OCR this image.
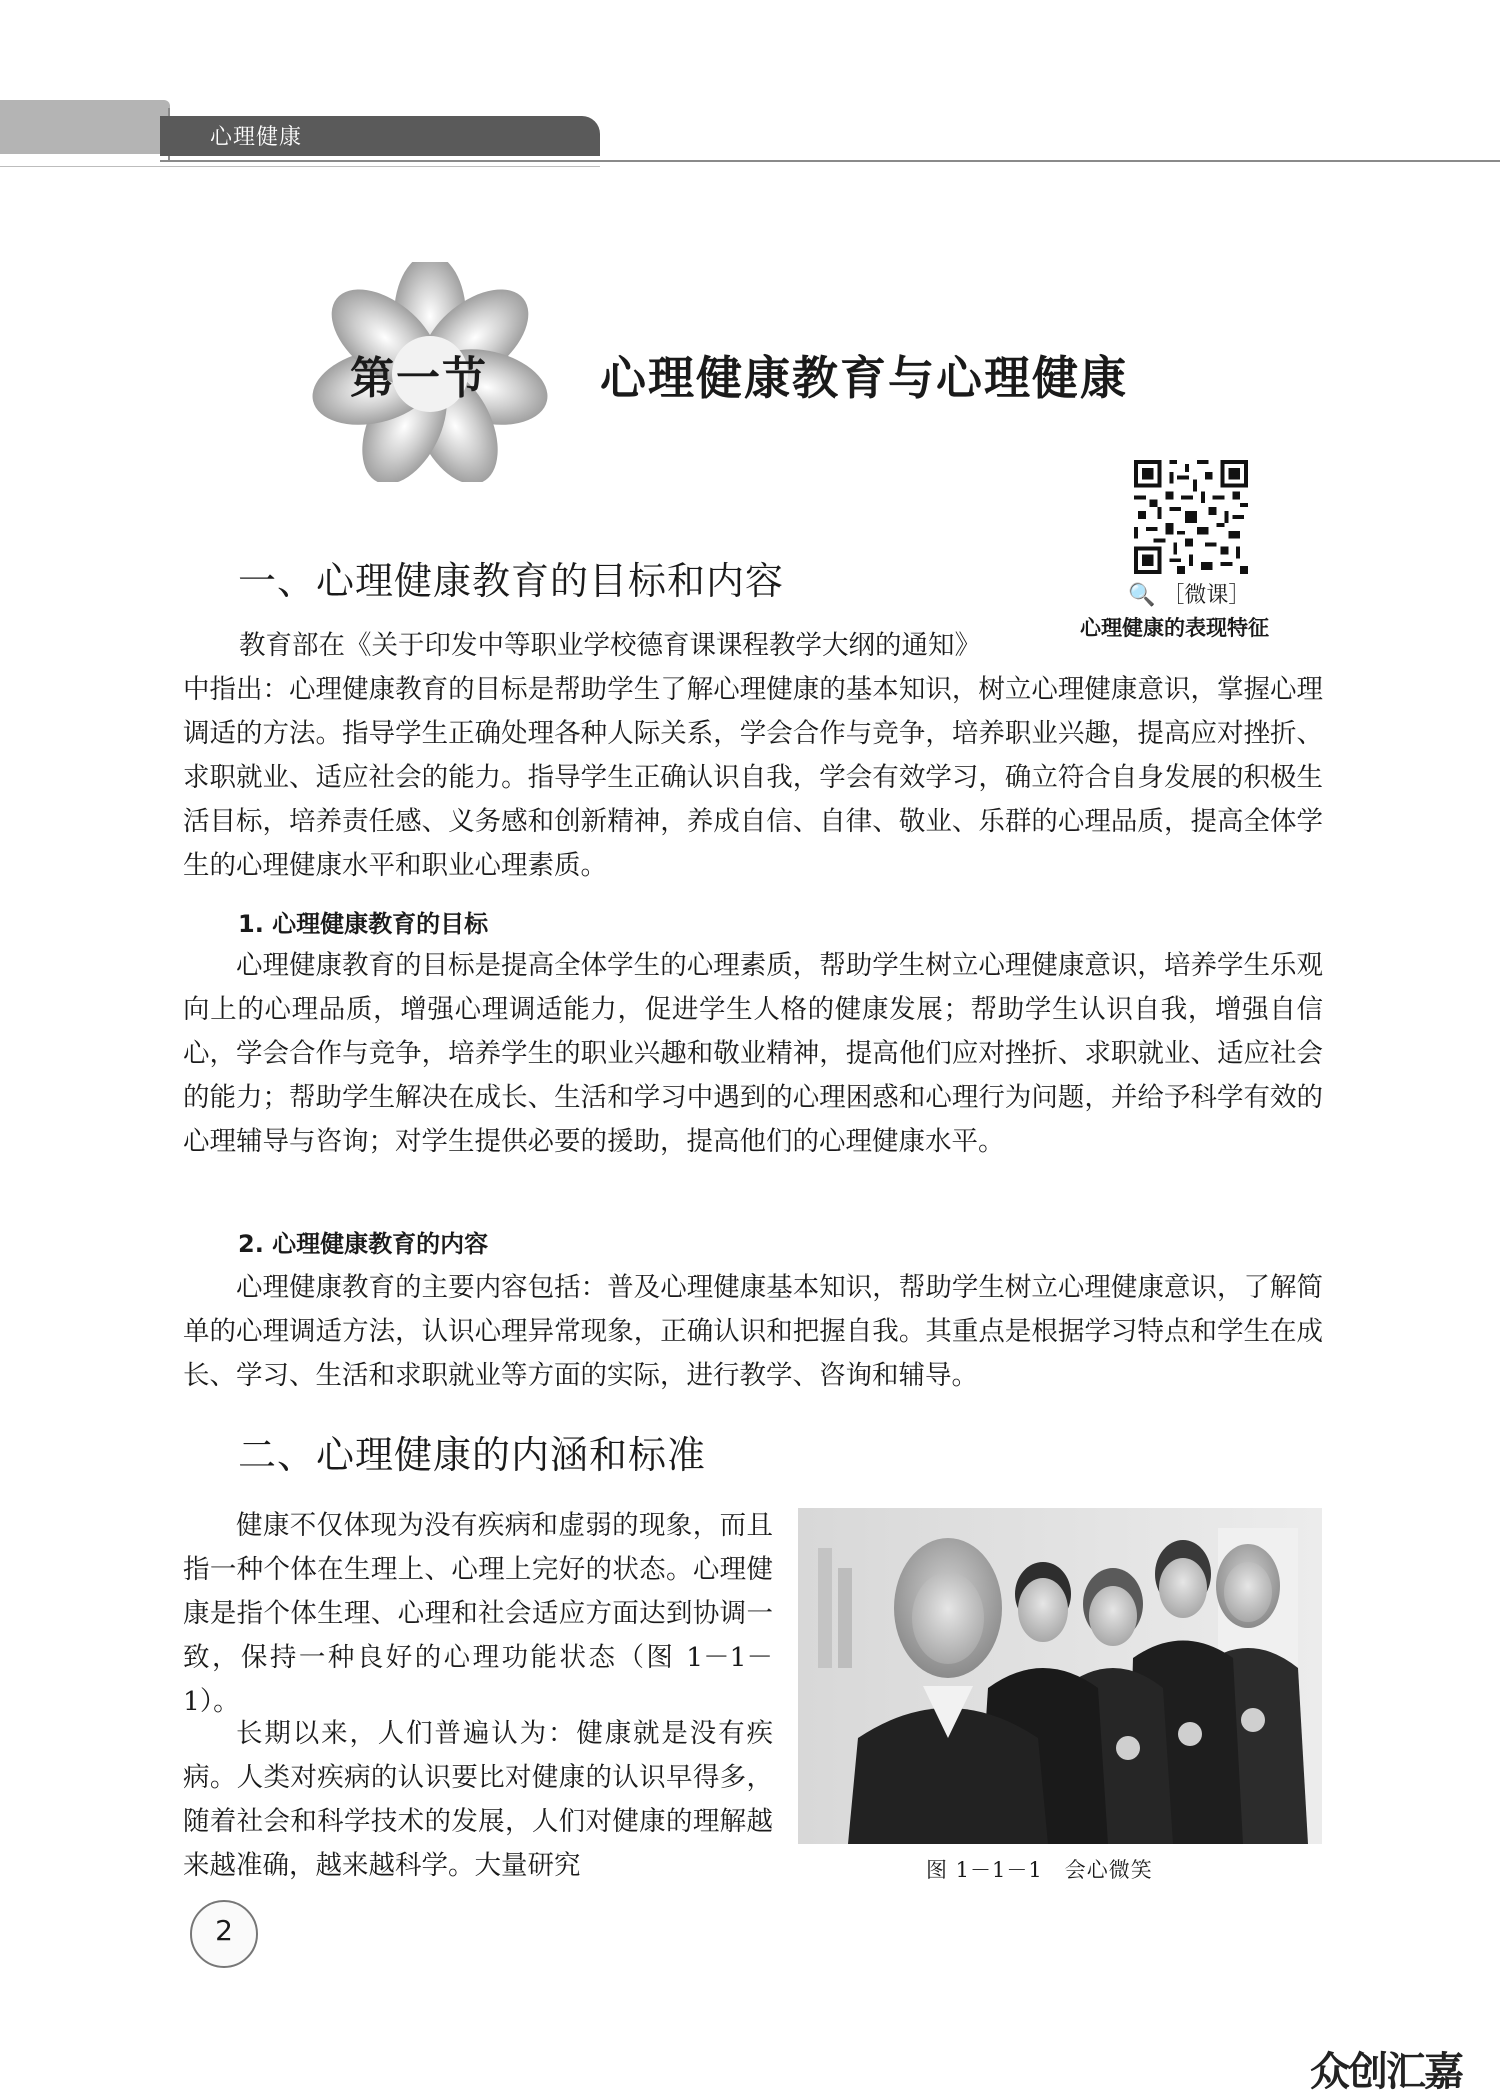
心理健康
第一节 心理健康教育与心理健康
🔍 ［微课］
心理健康的表现特征
一、心理健康教育的目标和内容
教育部在《关于印发中等职业学校德育课课程教学大纲的通知》
中指出：心理健康教育的目标是帮助学生了解心理健康的基本知识，树立心理健康意识，掌握心理调适的方法。指导学生正确处理各种人际关系，学会合作与竞争，培养职业兴趣，提高应对挫折、求职就业、适应社会的能力。指导学生正确认识自我，学会有效学习，确立符合自身发展的积极生活目标，培养责任感、义务感和创新精神，养成自信、自律、敬业、乐群的心理品质，提高全体学生的心理健康水平和职业心理素质。
1. 心理健康教育的目标
心理健康教育的目标是提高全体学生的心理素质，帮助学生树立心理健康意识，培养学生乐观向上的心理品质，增强心理调适能力，促进学生人格的健康发展；帮助学生认识自我，增强自信心，学会合作与竞争，培养学生的职业兴趣和敬业精神，提高他们应对挫折、求职就业、适应社会的能力；帮助学生解决在成长、生活和学习中遇到的心理困惑和心理行为问题，并给予科学有效的心理辅导与咨询；对学生提供必要的援助，提高他们的心理健康水平。
2. 心理健康教育的内容
心理健康教育的主要内容包括：普及心理健康基本知识，帮助学生树立心理健康意识，了解简单的心理调适方法，认识心理异常现象，正确认识和把握自我。其重点是根据学习特点和学生在成长、学习、生活和求职就业等方面的实际，进行教学、咨询和辅导。
二、心理健康的内涵和标准
健康不仅体现为没有疾病和虚弱的现象，而且指一种个体在生理上、心理上完好的状态。心理健康是指个体生理、心理和社会适应方面达到协调一致，保持一种良好的心理功能状态（图 1－1－1）。
长期以来，人们普遍认为：健康就是没有疾病。人类对疾病的认识要比对健康的认识早得多，随着社会和科学技术的发展，人们对健康的理解越来越准确，越来越科学。大量研究	图 1－1－1　会心微笑
2
众创汇嘉
